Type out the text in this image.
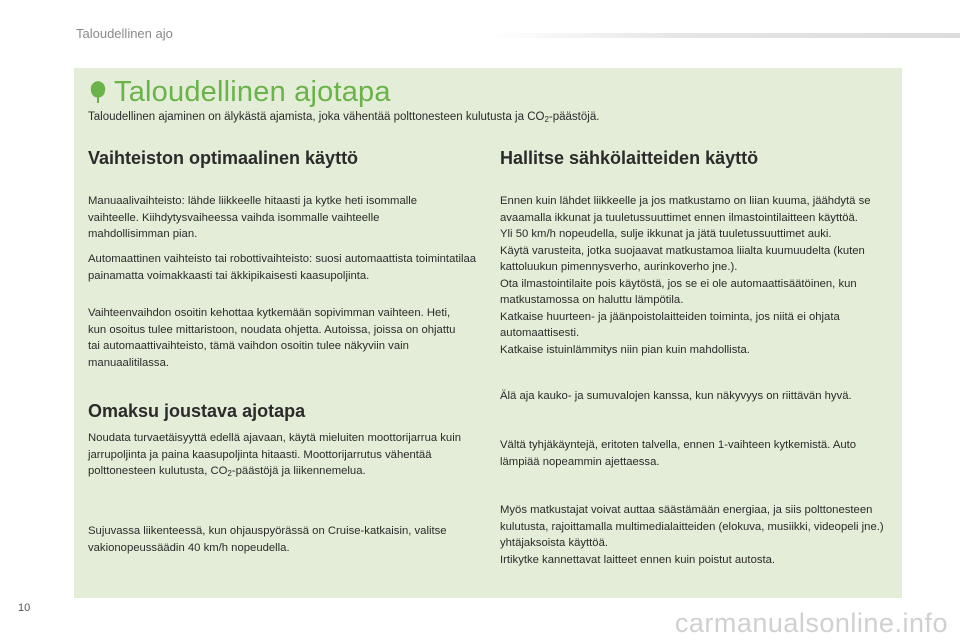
Taloudellinen ajo
Taloudellinen ajotapa
Taloudellinen ajaminen on älykästä ajamista, joka vähentää polttonesteen kulutusta ja $CO_2$-päästöjä.
Vaihteiston optimaalinen käyttö

Manuaalivaihteisto: lähde liikkeelle hitaasti ja kytke heti isommalle vaihteelle. Kiihdytysvaiheessa vaihda isommalle vaihteelle mahdollisimman pian.

Automaattinen vaihteisto tai robottivaihteisto: suosi automaattista toimintatilaa painamatta voimakkaasti tai äkkipikaisesti kaasupoljinta.

Vaihteenvaihdon osoitin kehottaa kytkemään sopivimman vaihteen. Heti, kun osoitus tulee mittaristoon, noudata ohjetta. Autoissa, joissa on ohjattu tai automaattivaihteisto, tämä vaihdon osoitin tulee näkyviin vain manuaalitilassa.

Omaksu joustava ajotapa

Noudata turvaetäisyyttä edellä ajavaan, käytä mieluiten moottorijarrua kuin jarrupoljinta ja paina kaasupoljinta hitaasti. Moottorijarrutus vähentää polttonesteen kulutusta, $CO_2$-päästöjä ja liikennemelua.

Sujuvassa liikenteessä, kun ohjauspyörässä on Cruise-katkaisin, valitse vakionopeussäädin 40 km/h nopeudella.

Hallitse sähkölaitteiden käyttö

Ennen kuin lähdet liikkeelle ja jos matkustamo on liian kuuma, jäähdytä se avaamalla ikkunat ja tuuletussuuttimet ennen ilmastointilaitteen käyttöä.

Yli 50 km/h nopeudella, sulje ikkunat ja jätä tuuletussuuttimet auki.

Käytä varusteita, jotka suojaavat matkustamoa liialta kuumuudelta (kuten kattoluukun pimennysverho, aurinkoverho jne.).

Ota ilmastointilaite pois käytöstä, jos se ei ole automaattisäätöinen, kun matkustamossa on haluttu lämpötila.

Katkaise huurteen- ja jäänpoistolaitteiden toiminta, jos niitä ei ohjata automaattisesti.

Katkaise istuinlämmitys niin pian kuin mahdollista.

Älä aja kauko- ja sumuvalojen kanssa, kun näkyvyys on riittävän hyvä.

Vältä tyhjäkäyntejä, eritoten talvella, ennen 1-vaihteen kytkemistä. Auto lämpiää nopeammin ajettaessa.

Myös matkustajat voivat auttaa säästämään energiaa, ja siis polttonesteen kulutusta, rajoittamalla multimedialaitteiden (elokuva, musiikki, videopeli jne.) yhtäjaksoista käyttöä.

Irtikytke kannettavat laitteet ennen kuin poistut autosta.

10	carmanualsonline.info
